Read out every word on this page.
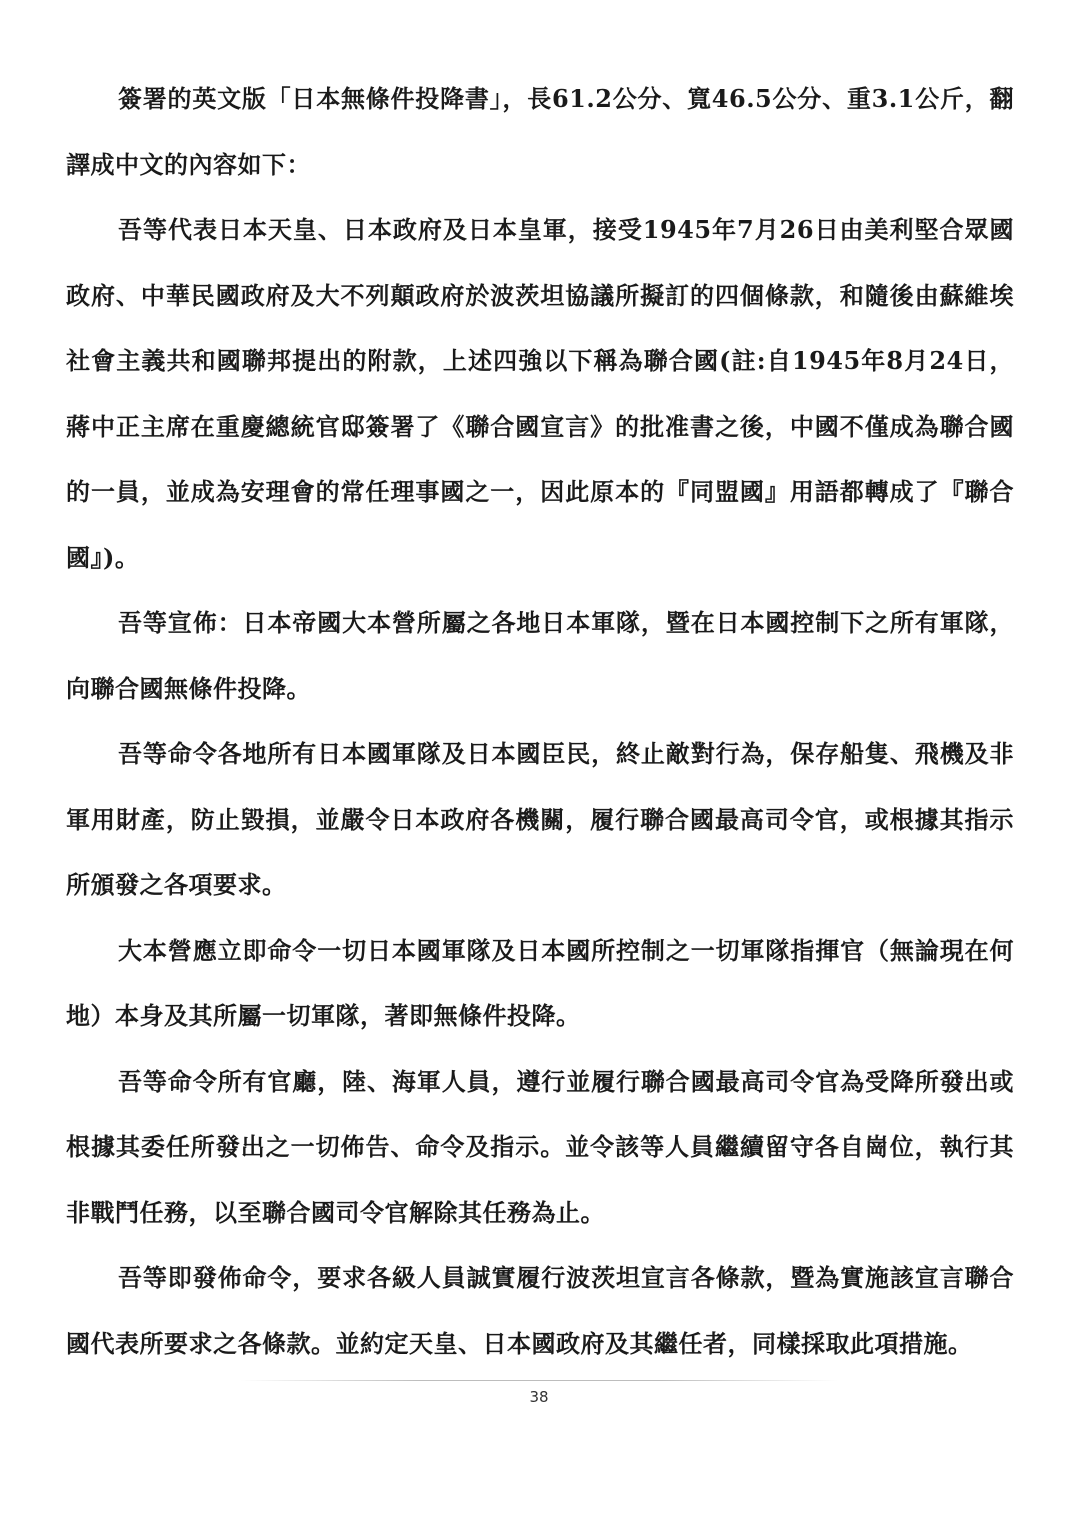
簽署的英文版「日本無條件投降書」，長61.2公分、寬46.5公分、重3.1公斤，翻譯成中文的內容如下：

吾等代表日本天皇、日本政府及日本皇軍，接受1945年7月26日由美利堅合眾國政府、中華民國政府及大不列顛政府於波茨坦協議所擬訂的四個條款，和隨後由蘇維埃社會主義共和國聯邦提出的附款，上述四強以下稱為聯合國(註:自1945年8月24日，蔣中正主席在重慶總統官邸簽署了《聯合國宣言》的批准書之後，中國不僅成為聯合國的一員，並成為安理會的常任理事國之一，因此原本的『同盟國』用語都轉成了『聯合國』)。

吾等宣佈：日本帝國大本營所屬之各地日本軍隊，暨在日本國控制下之所有軍隊，向聯合國無條件投降。

吾等命令各地所有日本國軍隊及日本國臣民，終止敵對行為，保存船隻、飛機及非軍用財產，防止毀損，並嚴令日本政府各機關，履行聯合國最高司令官，或根據其指示所頒發之各項要求。

大本營應立即命令一切日本國軍隊及日本國所控制之一切軍隊指揮官（無論現在何地）本身及其所屬一切軍隊，著即無條件投降。

吾等命令所有官廳，陸、海軍人員，遵行並履行聯合國最高司令官為受降所發出或根據其委任所發出之一切佈告、命令及指示。並令該等人員繼續留守各自崗位，執行其非戰鬥任務，以至聯合國司令官解除其任務為止。

吾等即發佈命令，要求各級人員誠實履行波茨坦宣言各條款，暨為實施該宣言聯合國代表所要求之各條款。並約定天皇、日本國政府及其繼任者，同樣採取此項措施。

38
